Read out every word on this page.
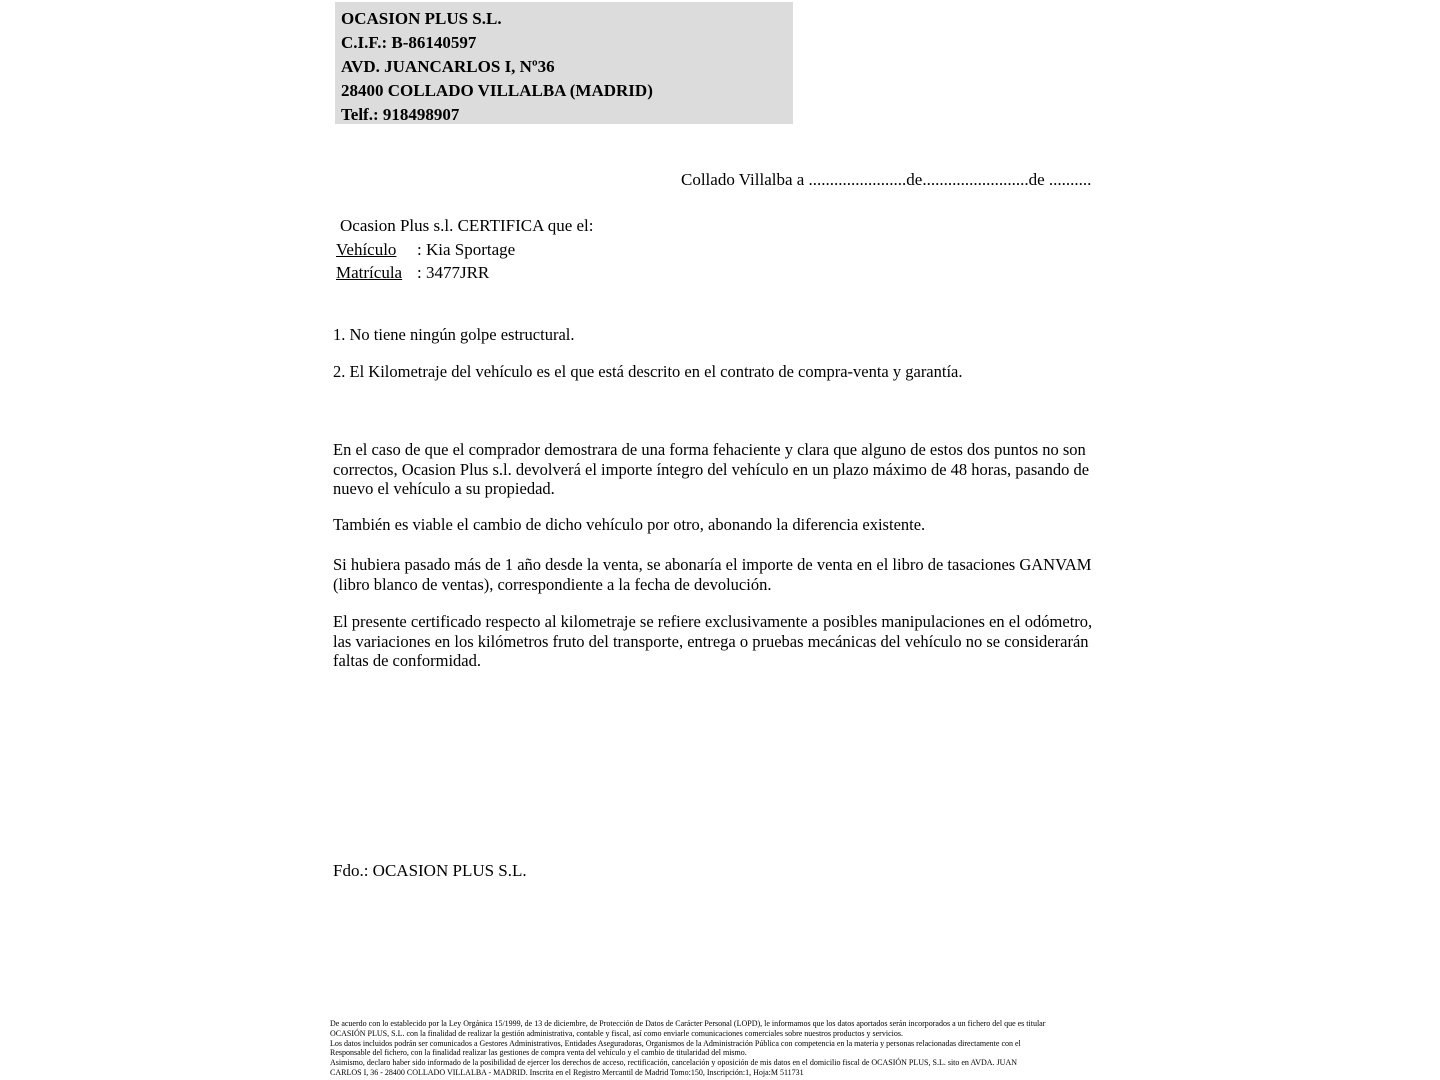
OCASION PLUS S.L.
C.I.F.: B-86140597
AVD. JUANCARLOS I, Nº36
28400 COLLADO VILLALBA (MADRID)
Telf.: 918498907
Collado Villalba a .......................de.........................de ..........
Ocasion Plus s.l. CERTIFICA que el:
Vehículo : Kia Sportage
Matrícula : 3477JRR
1. No tiene ningún golpe estructural.
2. El Kilometraje del vehículo es el que está descrito en el contrato de compra-venta y garantía.
En el caso de que el comprador demostrara de una forma fehaciente y clara que alguno de estos dos puntos no son correctos, Ocasion Plus s.l. devolverá el importe íntegro del vehículo en un plazo máximo de 48 horas, pasando de nuevo el vehículo a su propiedad.
También es viable el cambio de dicho vehículo por otro, abonando la diferencia existente.
Si hubiera pasado más de 1 año desde la venta, se abonaría el importe de venta en el libro de tasaciones GANVAM (libro blanco de ventas), correspondiente a la fecha de devolución.
El presente certificado respecto al kilometraje se refiere exclusivamente a posibles manipulaciones en el odómetro, las variaciones en los kilómetros fruto del transporte, entrega o pruebas mecánicas del vehículo no se considerarán faltas de conformidad.
Fdo.: OCASION PLUS S.L.
De acuerdo con lo establecido por la Ley Orgánica 15/1999, de 13 de diciembre, de Protección de Datos de Carácter Personal (LOPD), le informamos que los datos aportados serán incorporados a un fichero del que es titular
OCASIÓN PLUS, S.L. con la finalidad de realizar la gestión administrativa, contable y fiscal, así como enviarle comunicaciones comerciales sobre nuestros productos y servicios.
Los datos incluidos podrán ser comunicados a Gestores Administrativos, Entidades Aseguradoras, Organismos de la Administración Pública con competencia en la materia y personas relacionadas directamente con el
Responsable del fichero, con la finalidad realizar las gestiones de compra venta del vehículo y el cambio de titularidad del mismo.
Asimismo, declaro haber sido informado de la posibilidad de ejercer los derechos de acceso, rectificación, cancelación y oposición de mis datos en el domicilio fiscal de OCASIÓN PLUS, S.L. sito en AVDA. JUAN
CARLOS I, 36 - 28400 COLLADO VILLALBA - MADRID. Inscrita en el Registro Mercantil de Madrid Tomo:150, Inscripción:1, Hoja:M 511731
